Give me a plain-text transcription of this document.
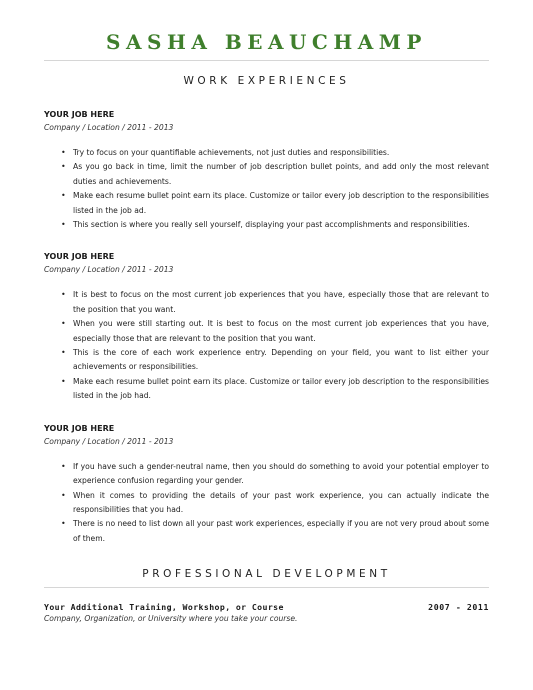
SASHA BEAUCHAMP
WORK EXPERIENCES
YOUR JOB HERE
Company / Location / 2011 - 2013
• Try to focus on your quantifiable achievements, not just duties and responsibilities.
• As you go back in time, limit the number of job description bullet points, and add only the most relevant duties and achievements.
• Make each resume bullet point earn its place. Customize or tailor every job description to the responsibilities listed in the job ad.
• This section is where you really sell yourself, displaying your past accomplishments and responsibilities.
YOUR JOB HERE
Company / Location / 2011 - 2013
• It is best to focus on the most current job experiences that you have, especially those that are relevant to the position that you want.
• When you were still starting out. It is best to focus on the most current job experiences that you have, especially those that are relevant to the position that you want.
• This is the core of each work experience entry. Depending on your field, you want to list either your achievements or responsibilities.
• Make each resume bullet point earn its place. Customize or tailor every job description to the responsibilities listed in the job had.
YOUR JOB HERE
Company / Location / 2011 - 2013
• If you have such a gender-neutral name, then you should do something to avoid your potential employer to experience confusion regarding your gender.
• When it comes to providing the details of your past work experience, you can actually indicate the responsibilities that you had.
• There is no need to list down all your past work experiences, especially if you are not very proud about some of them.
PROFESSIONAL DEVELOPMENT
Your Additional Training, Workshop, or Course	2007 - 2011
Company, Organization, or University where you take your course.
